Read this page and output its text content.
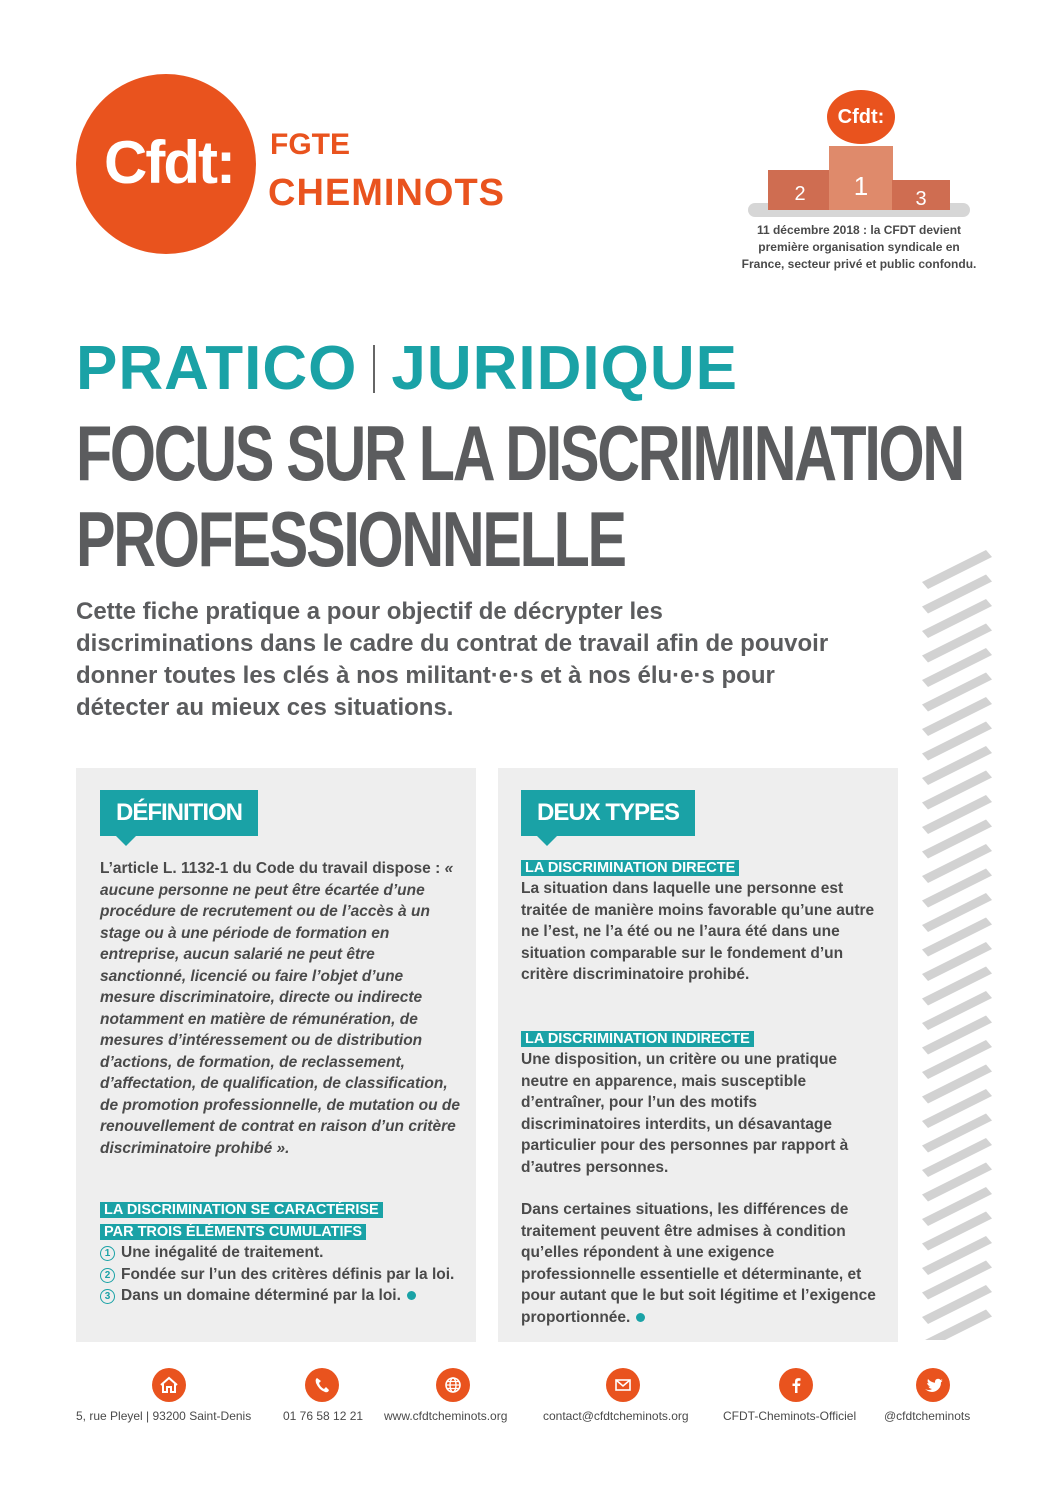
Cfdt:	FGTE
CHEMINOTS	2	1	3
Cfdt:
11 décembre 2018 : la CFDT devient première organisation syndicale en France, secteur privé et public confondu.
PRATICO JURIDIQUE
FOCUS SUR LA DISCRIMINATION
PROFESSIONNELLE
Cette fiche pratique a pour objectif de décrypter les discriminations dans le cadre du contrat de travail afin de pouvoir donner toutes les clés à nos militant·e·s et à nos élu·e·s pour détecter au mieux ces situations.
DÉFINITION
L’article L. 1132-1 du Code du travail dispose : « aucune personne ne peut être écartée d’une procédure de recrutement ou de l’accès à un stage ou à une période de formation en entreprise, aucun salarié ne peut être sanctionné, licencié ou faire l’objet d’une mesure discriminatoire, directe ou indirecte notamment en matière de rémunération, de mesures d’intéressement ou de distribution d’actions, de formation, de reclassement, d’affectation, de qualification, de classification, de promotion professionnelle, de mutation ou de renouvellement de contrat en raison d’un critère discriminatoire prohibé ».
LA DISCRIMINATION SE CARACTÉRISE
PAR TROIS ÉLÉMENTS CUMULATIFS
1 Une inégalité de traitement.
2 Fondée sur l’un des critères définis par la loi.
3 Dans un domaine déterminé par la loi.
DEUX TYPES
LA DISCRIMINATION DIRECTE
La situation dans laquelle une personne est traitée de manière moins favorable qu’une autre ne l’est, ne l’a été ou ne l’aura été dans une situation comparable sur le fondement d’un critère discriminatoire prohibé.
LA DISCRIMINATION INDIRECTE
Une disposition, un critère ou une pratique neutre en apparence, mais susceptible d’entraîner, pour l’un des motifs discriminatoires interdits, un désavantage particulier pour des personnes par rapport à d’autres personnes.
Dans certaines situations, les différences de traitement peuvent être admises à condition qu’elles répondent à une exigence professionnelle essentielle et déterminante, et pour autant que le but soit légitime et l’exigence proportionnée.
5, rue Pleyel | 93200 Saint-Denis	01 76 58 12 21 www.cfdtcheminots.org	contact@cfdtcheminots.org	CFDT-Cheminots-Officiel @cfdtcheminots
